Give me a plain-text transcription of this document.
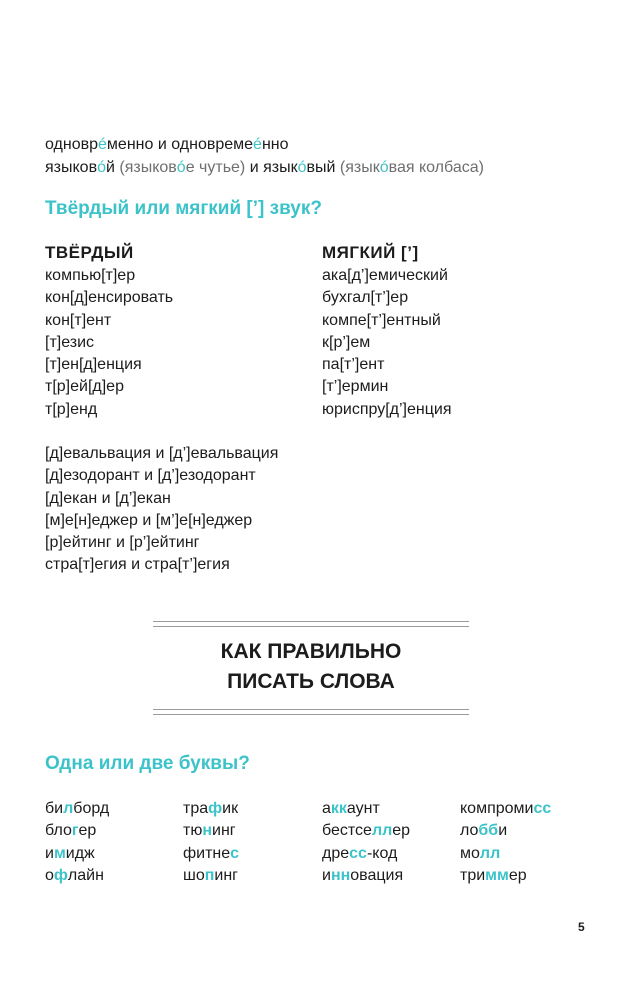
одноврéменно и одновремеéнно
языковóй (языковóе чутье) и языкóвый (языкóвая колбаса)
Твёрдый или мягкий [’] звук?
ТВЁРДЫЙ
компью[т]ер
кон[д]енсировать
кон[т]ент
[т]езис
[т]ен[д]енция
т[р]ей[д]ер
т[р]енд
МЯГКИЙ [’]
ака[д’]емический
бухгал[т’]ер
компе[т’]ентный
к[р’]ем
па[т’]ент
[т’]ермин
юриспру[д’]енция
[д]евальвация и [д’]евальвация
[д]езодорант и [д’]езодорант
[д]екан и [д’]екан
[м]е[н]еджер и [м’]е[н]еджер
[р]ейтинг и [р’]ейтинг
стра[т]егия и стра[т’]егия
КАК ПРАВИЛЬНО
ПИСАТЬ СЛОВА
Одна или две буквы?
билборд
блогер
имидж
офлайн
трафик
тюнинг
фитнес
шопинг
аккаунт
бестселлер
дресс-код
инновация
компромисс
лобби
молл
триммер
5
